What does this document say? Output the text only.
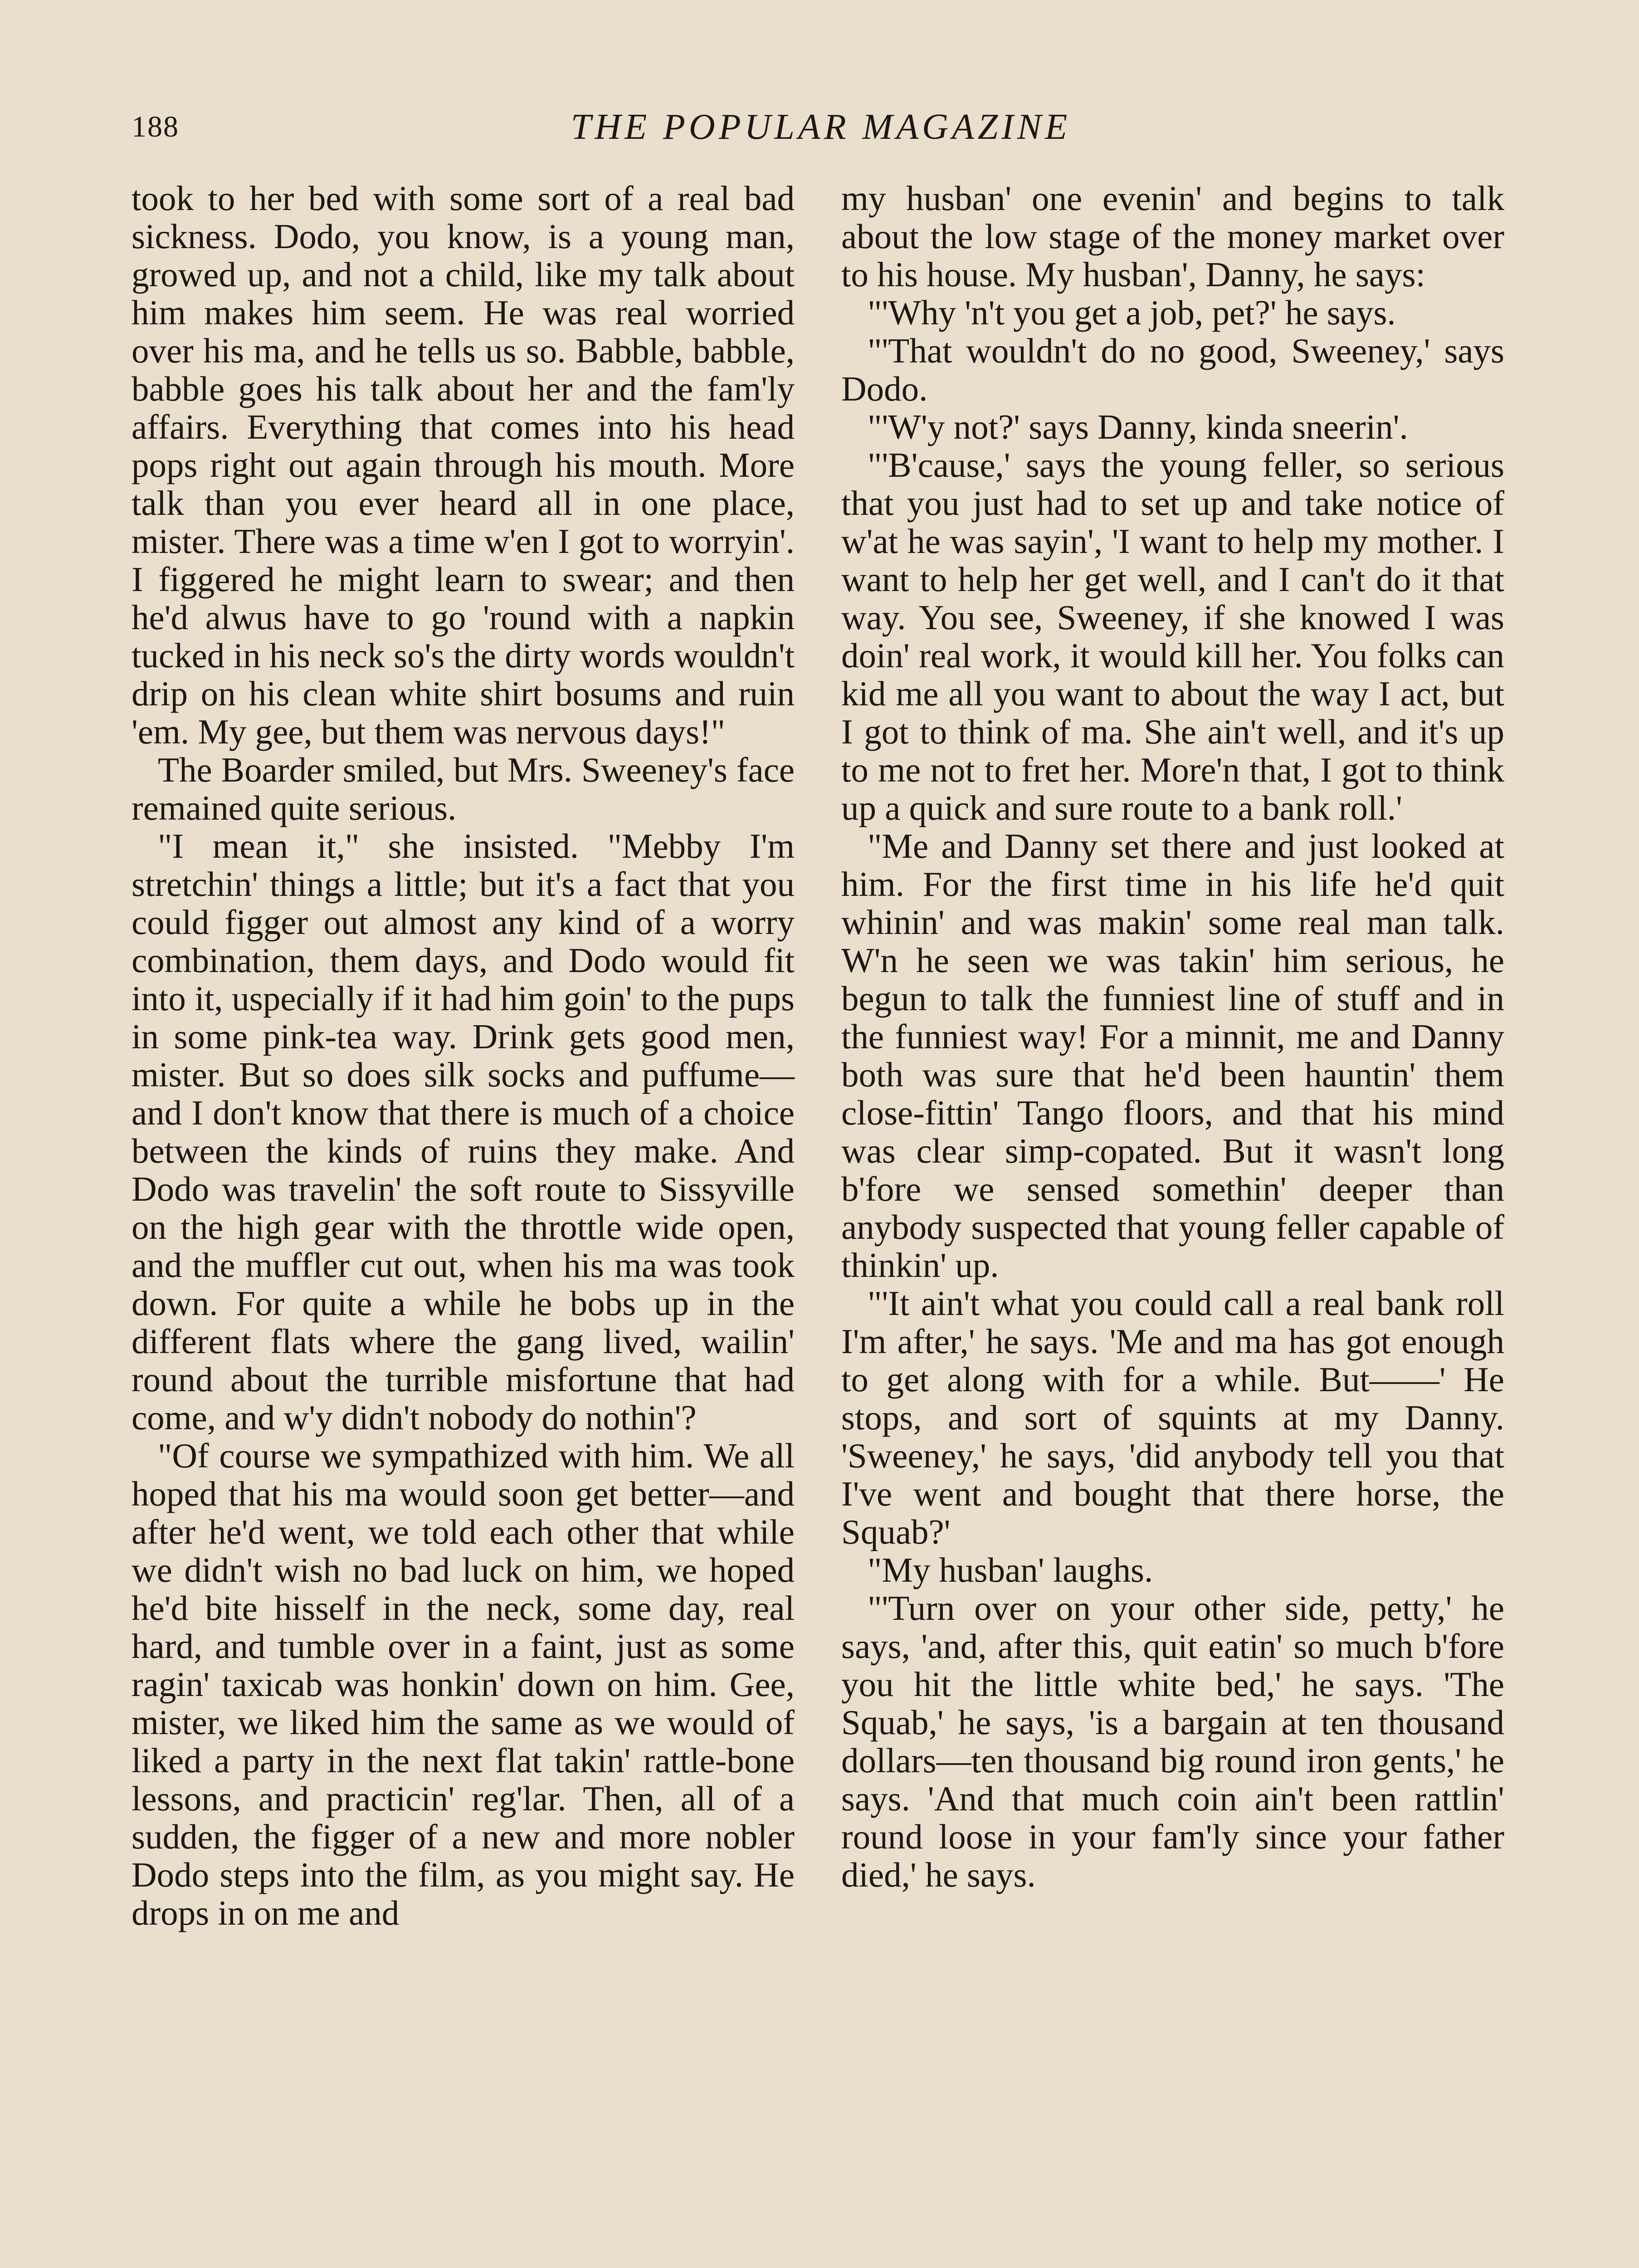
188	THE POPULAR MAGAZINE

took to her bed with some sort of a real bad sickness. Dodo, you know, is a young man, growed up, and not a child, like my talk about him makes him seem. He was real worried over his ma, and he tells us so. Babble, babble, babble goes his talk about her and the fam'ly affairs. Everything that comes into his head pops right out again through his mouth. More talk than you ever heard all in one place, mister. There was a time w'en I got to worryin'. I figgered he might learn to swear; and then he'd alwus have to go 'round with a napkin tucked in his neck so's the dirty words wouldn't drip on his clean white shirt bosums and ruin 'em. My gee, but them was nervous days!"

The Boarder smiled, but Mrs. Sweeney's face remained quite serious.

"I mean it," she insisted. "Mebby I'm stretchin' things a little; but it's a fact that you could figger out almost any kind of a worry combination, them days, and Dodo would fit into it, uspecially if it had him goin' to the pups in some pink-tea way. Drink gets good men, mister. But so does silk socks and puffume—and I don't know that there is much of a choice between the kinds of ruins they make. And Dodo was travelin' the soft route to Sissyville on the high gear with the throttle wide open, and the muffler cut out, when his ma was took down. For quite a while he bobs up in the different flats where the gang lived, wailin' round about the turrible misfortune that had come, and w'y didn't nobody do nothin'?

"Of course we sympathized with him. We all hoped that his ma would soon get better—and after he'd went, we told each other that while we didn't wish no bad luck on him, we hoped he'd bite hisself in the neck, some day, real hard, and tumble over in a faint, just as some ragin' taxicab was honkin' down on him. Gee, mister, we liked him the same as we would of liked a party in the next flat takin' rattle-bone lessons, and practicin' reg'lar. Then, all of a sudden, the figger of a new and more nobler Dodo steps into the film, as you might say. He drops in on me and

my husban' one evenin' and begins to talk about the low stage of the money market over to his house. My husban', Danny, he says:

"'Why 'n't you get a job, pet?' he says.

"'That wouldn't do no good, Sweeney,' says Dodo.

"'W'y not?' says Danny, kinda sneerin'.

"'B'cause,' says the young feller, so serious that you just had to set up and take notice of w'at he was sayin', 'I want to help my mother. I want to help her get well, and I can't do it that way. You see, Sweeney, if she knowed I was doin' real work, it would kill her. You folks can kid me all you want to about the way I act, but I got to think of ma. She ain't well, and it's up to me not to fret her. More'n that, I got to think up a quick and sure route to a bank roll.'

"Me and Danny set there and just looked at him. For the first time in his life he'd quit whinin' and was makin' some real man talk. W'n he seen we was takin' him serious, he begun to talk the funniest line of stuff and in the funniest way! For a minnit, me and Danny both was sure that he'd been hauntin' them close-fittin' Tango floors, and that his mind was clear simp-copated. But it wasn't long b'fore we sensed somethin' deeper than anybody suspected that young feller capable of thinkin' up.

"'It ain't what you could call a real bank roll I'm after,' he says. 'Me and ma has got enough to get along with for a while. But——' He stops, and sort of squints at my Danny. 'Sweeney,' he says, 'did anybody tell you that I've went and bought that there horse, the Squab?'

"My husban' laughs.

"'Turn over on your other side, petty,' he says, 'and, after this, quit eatin' so much b'fore you hit the little white bed,' he says. 'The Squab,' he says, 'is a bargain at ten thousand dollars—ten thousand big round iron gents,' he says. 'And that much coin ain't been rattlin' round loose in your fam'ly since your father died,' he says.
